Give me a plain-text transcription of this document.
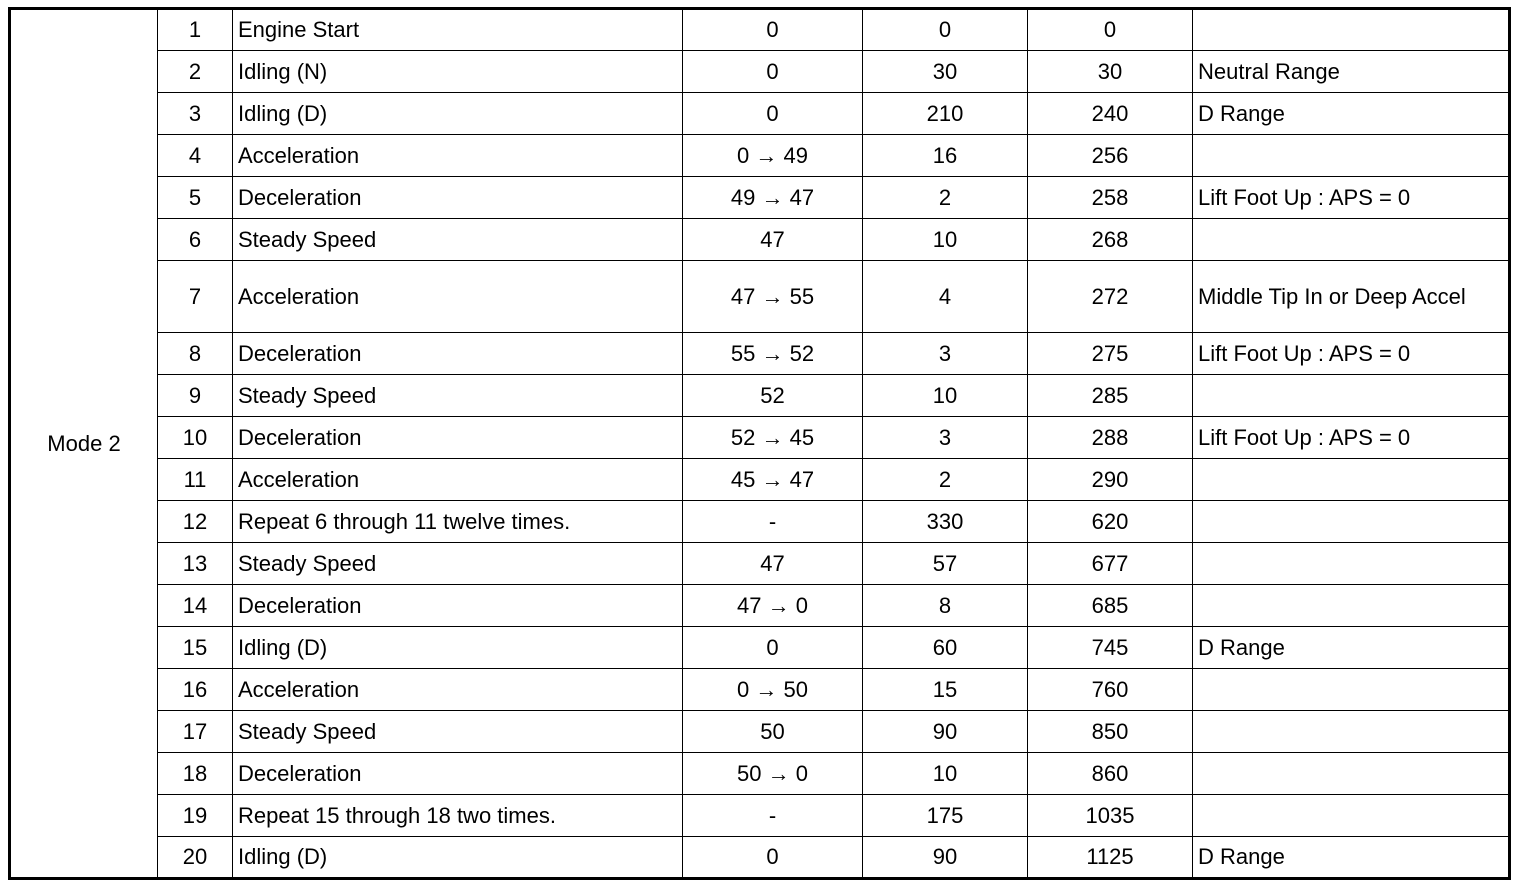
Mode 2	1	Engine Start	0	0	0	
	2	Idling (N)	0	30	30	Neutral Range
	3	Idling (D)	0	210	240	D Range
	4	Acceleration	0 → 49	16	256	
	5	Deceleration	49 → 47	2	258	Lift Foot Up : APS = 0
	6	Steady Speed	47	10	268	
	7	Acceleration	47 → 55	4	272	Middle Tip In or Deep Accel
	8	Deceleration	55 → 52	3	275	Lift Foot Up : APS = 0
	9	Steady Speed	52	10	285	
	10	Deceleration	52 → 45	3	288	Lift Foot Up : APS = 0
	11	Acceleration	45 → 47	2	290	
	12	Repeat 6 through 11 twelve times.	-	330	620	
	13	Steady Speed	47	57	677	
	14	Deceleration	47 → 0	8	685	
	15	Idling (D)	0	60	745	D Range
	16	Acceleration	0 → 50	15	760	
	17	Steady Speed	50	90	850	
	18	Deceleration	50 → 0	10	860	
	19	Repeat 15 through 18 two times.	-	175	1035	
	20	Idling (D)	0	90	1125	D Range
